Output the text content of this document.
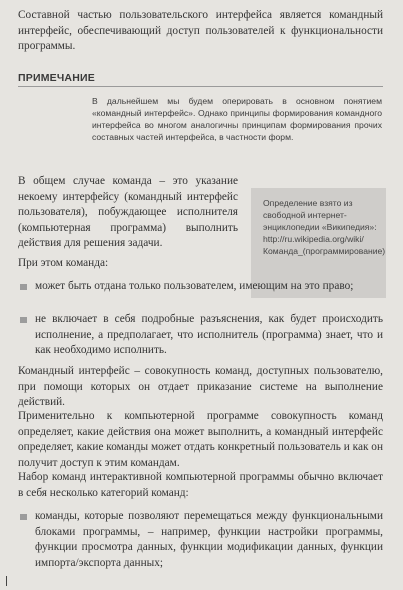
Составной частью пользовательского интерфейса является командный интерфейс, обеспечивающий доступ пользователей к функциональности программы.

ПРИМЕЧАНИЕ
В дальнейшем мы будем оперировать в основном понятием «командный интерфейс». Однако принципы формирования командного интерфейса во многом аналогичны принципам формирования прочих составных частей интерфейса, в частности форм.
Определение взято из свободной интернет-энциклопедии «Википедия»: http://ru.wikipedia.org/wiki/Команда_(программирование)

В общем случае команда – это указание некоему интерфейсу (командный интерфейс пользователя), побуждающее исполнителя (компьютерная программа) выполнить действия для решения задачи.

При этом команда:

может быть отдана только пользователем, имеющим на это право;
не включает в себя подробные разъяснения, как будет происходить исполнение, а предполагает, что исполнитель (программа) знает, что и как необходимо исполнить.

Командный интерфейс – совокупность команд, доступных пользователю, при помощи которых он отдает приказание системе на выполнение действий.

Применительно к компьютерной программе совокупность команд определяет, какие действия она может выполнить, а командный интерфейс определяет, какие команды может отдать конкретный пользователь и как он получит доступ к этим командам.

Набор команд интерактивной компьютерной программы обычно включает в себя несколько категорий команд:

команды, которые позволяют перемещаться между функциональными блоками программы, – например, функции настройки программы, функции просмотра данных, функции модификации данных, функции импорта/экспорта данных;
